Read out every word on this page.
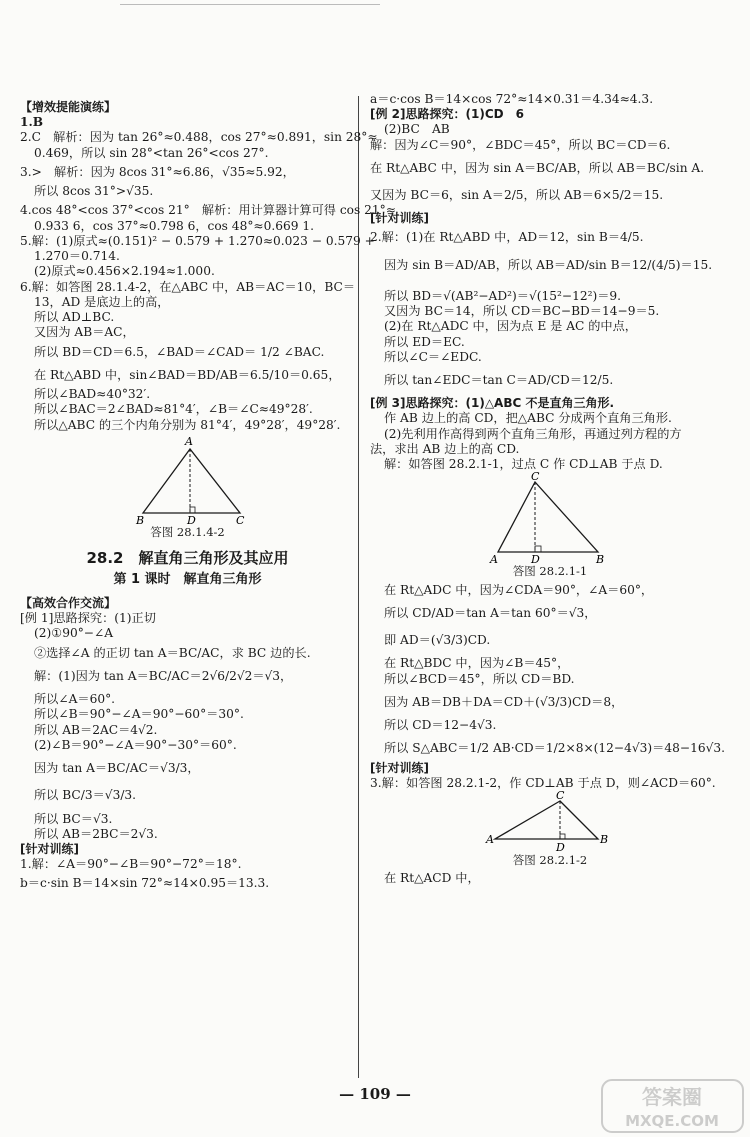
【增效提能演练】

1.B

2.C　解析：因为 tan 26°≈0.488，cos 27°≈0.891，sin 28°≈

0.469，所以 sin 28°<tan 26°<cos 27°.

3.>　解析：因为 8cos 31°≈6.86，√35≈5.92，

所以 8cos 31°>√35.

4.cos 48°<cos 37°<cos 21°　解析：用计算器计算可得 cos 21°≈

0.933 6，cos 37°≈0.798 6，cos 48°≈0.669 1.

5.解：(1)原式≈(0.151)² − 0.579 + 1.270≈0.023 − 0.579 +

1.270＝0.714.

(2)原式≈0.456×2.194≈1.000.

6.解：如答图 28.1.4-2，在△ABC 中，AB＝AC＝10，BC＝

13，AD 是底边上的高，

所以 AD⊥BC.

又因为 AB＝AC，

所以 BD＝CD＝6.5，∠BAD＝∠CAD＝ 1/2 ∠BAC.

在 Rt△ABD 中，sin∠BAD＝BD/AB＝6.5/10＝0.65，

所以∠BAD≈40°32′.

所以∠BAC＝2∠BAD≈81°4′，∠B＝∠C≈49°28′.

所以△ABC 的三个内角分别为 81°4′，49°28′，49°28′.

A
B	D	C

答图 28.1.4-2

28.2　解直角三角形及其应用

第 1 课时　解直角三角形

【高效合作交流】

[例 1]思路探究：(1)正切

(2)①90°−∠A

②选择∠A 的正切 tan A＝BC/AC，求 BC 边的长.

解：(1)因为 tan A＝BC/AC＝2√6/2√2＝√3，

所以∠A＝60°.

所以∠B＝90°−∠A＝90°−60°＝30°.

所以 AB＝2AC＝4√2.

(2)∠B＝90°−∠A＝90°−30°＝60°.

因为 tan A＝BC/AC＝√3/3，

所以 BC/3＝√3/3.

所以 BC＝√3.

所以 AB＝2BC＝2√3.

[针对训练]

1.解：∠A＝90°−∠B＝90°−72°＝18°.

b＝c·sin B＝14×sin 72°≈14×0.95＝13.3.

a＝c·cos B＝14×cos 72°≈14×0.31＝4.34≈4.3.

[例 2]思路探究：(1)CD　6

(2)BC　AB

解：因为∠C＝90°，∠BDC＝45°，所以 BC＝CD＝6.

在 Rt△ABC 中，因为 sin A＝BC/AB，所以 AB＝BC/sin A.

又因为 BC＝6，sin A＝2/5，所以 AB＝6×5/2＝15.

[针对训练]

2.解：(1)在 Rt△ABD 中，AD＝12，sin B＝4/5.

因为 sin B＝AD/AB，所以 AB＝AD/sin B＝12/(4/5)＝15.

所以 BD＝√(AB²−AD²)＝√(15²−12²)＝9.

又因为 BC＝14，所以 CD＝BC−BD＝14−9＝5.

(2)在 Rt△ADC 中，因为点 E 是 AC 的中点，

所以 ED＝EC.

所以∠C＝∠EDC.

所以 tan∠EDC＝tan C＝AD/CD＝12/5.

[例 3]思路探究：(1)△ABC 不是直角三角形.

作 AB 边上的高 CD，把△ABC 分成两个直角三角形.

(2)先利用作高得到两个直角三角形，再通过列方程的方

法，求出 AB 边上的高 CD.

解：如答图 28.2.1-1，过点 C 作 CD⊥AB 于点 D.

C
A	D	B

答图 28.2.1-1

在 Rt△ADC 中，因为∠CDA＝90°，∠A＝60°，

所以 CD/AD＝tan A＝tan 60°＝√3，

即 AD＝(√3/3)CD.

在 Rt△BDC 中，因为∠B＝45°，

所以∠BCD＝45°，所以 CD＝BD.

因为 AB＝DB＋DA＝CD＋(√3/3)CD＝8，

所以 CD＝12−4√3.

所以 S△ABC＝1/2 AB·CD＝1/2×8×(12−4√3)＝48−16√3.

[针对训练]

3.解：如答图 28.2.1-2，作 CD⊥AB 于点 D，则∠ACD＝60°.

C
A
D
B

答图 28.2.1-2

在 Rt△ACD 中，

— 109 —	答案圈
MXQE.COM
